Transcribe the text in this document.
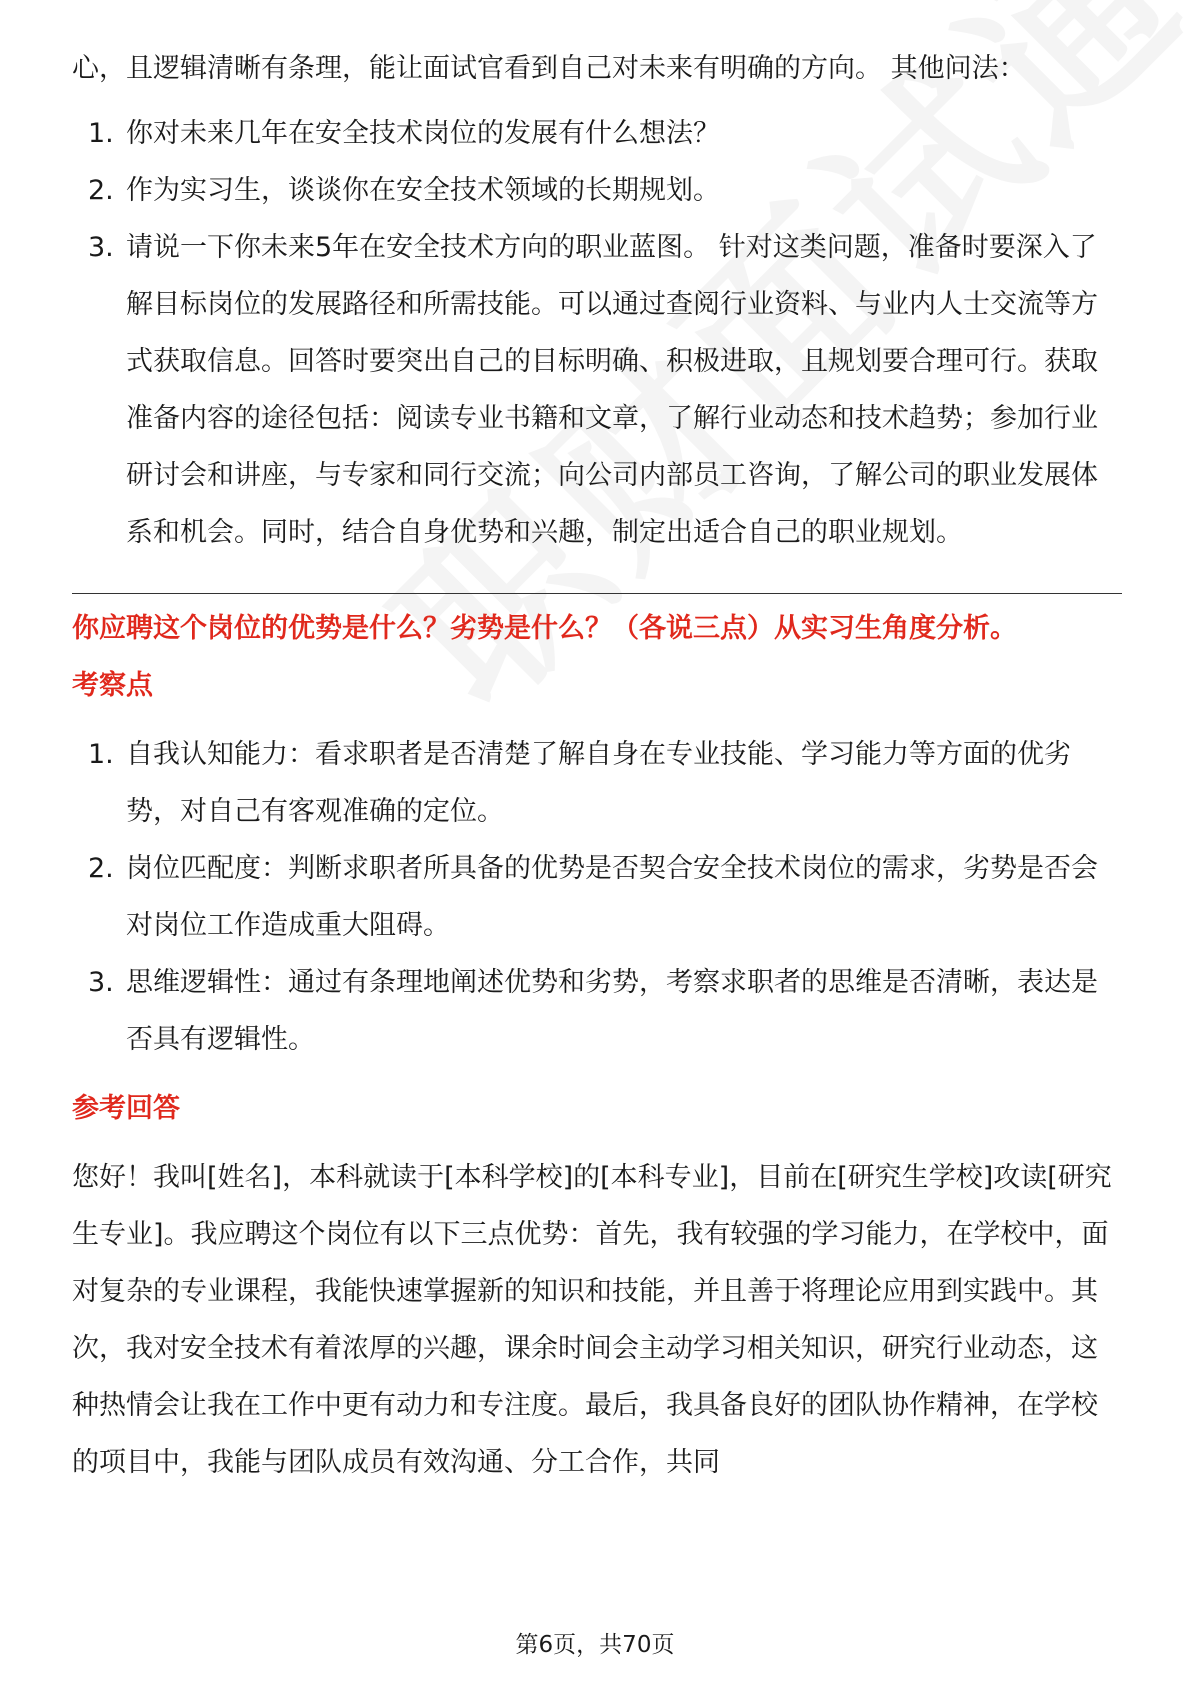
心，且逻辑清晰有条理，能让面试官看到自己对未来有明确的方向。 其他问法：

1. 你对未来几年在安全技术岗位的发展有什么想法？
2. 作为实习生，谈谈你在安全技术领域的长期规划。
3. 请说一下你未来5年在安全技术方向的职业蓝图。 针对这类问题，准备时要深入了解目标岗位的发展路径和所需技能。可以通过查阅行业资料、与业内人士交流等方式获取信息。回答时要突出自己的目标明确、积极进取，且规划要合理可行。获取准备内容的途径包括：阅读专业书籍和文章，了解行业动态和技术趋势；参加行业研讨会和讲座，与专家和同行交流；向公司内部员工咨询，了解公司的职业发展体系和机会。同时，结合自身优势和兴趣，制定出适合自己的职业规划。

你应聘这个岗位的优势是什么？劣势是什么？（各说三点）从实习生角度分析。

考察点

1. 自我认知能力：看求职者是否清楚了解自身在专业技能、学习能力等方面的优劣势，对自己有客观准确的定位。
2. 岗位匹配度：判断求职者所具备的优势是否契合安全技术岗位的需求，劣势是否会对岗位工作造成重大阻碍。
3. 思维逻辑性：通过有条理地阐述优势和劣势，考察求职者的思维是否清晰，表达是否具有逻辑性。

参考回答

您好！我叫[姓名]，本科就读于[本科学校]的[本科专业]，目前在[研究生学校]攻读[研究生专业]。我应聘这个岗位有以下三点优势：首先，我有较强的学习能力，在学校中，面对复杂的专业课程，我能快速掌握新的知识和技能，并且善于将理论应用到实践中。其次，我对安全技术有着浓厚的兴趣，课余时间会主动学习相关知识，研究行业动态，这种热情会让我在工作中更有动力和专注度。最后，我具备良好的团队协作精神，在学校的项目中，我能与团队成员有效沟通、分工合作，共同

第6页，共70页
